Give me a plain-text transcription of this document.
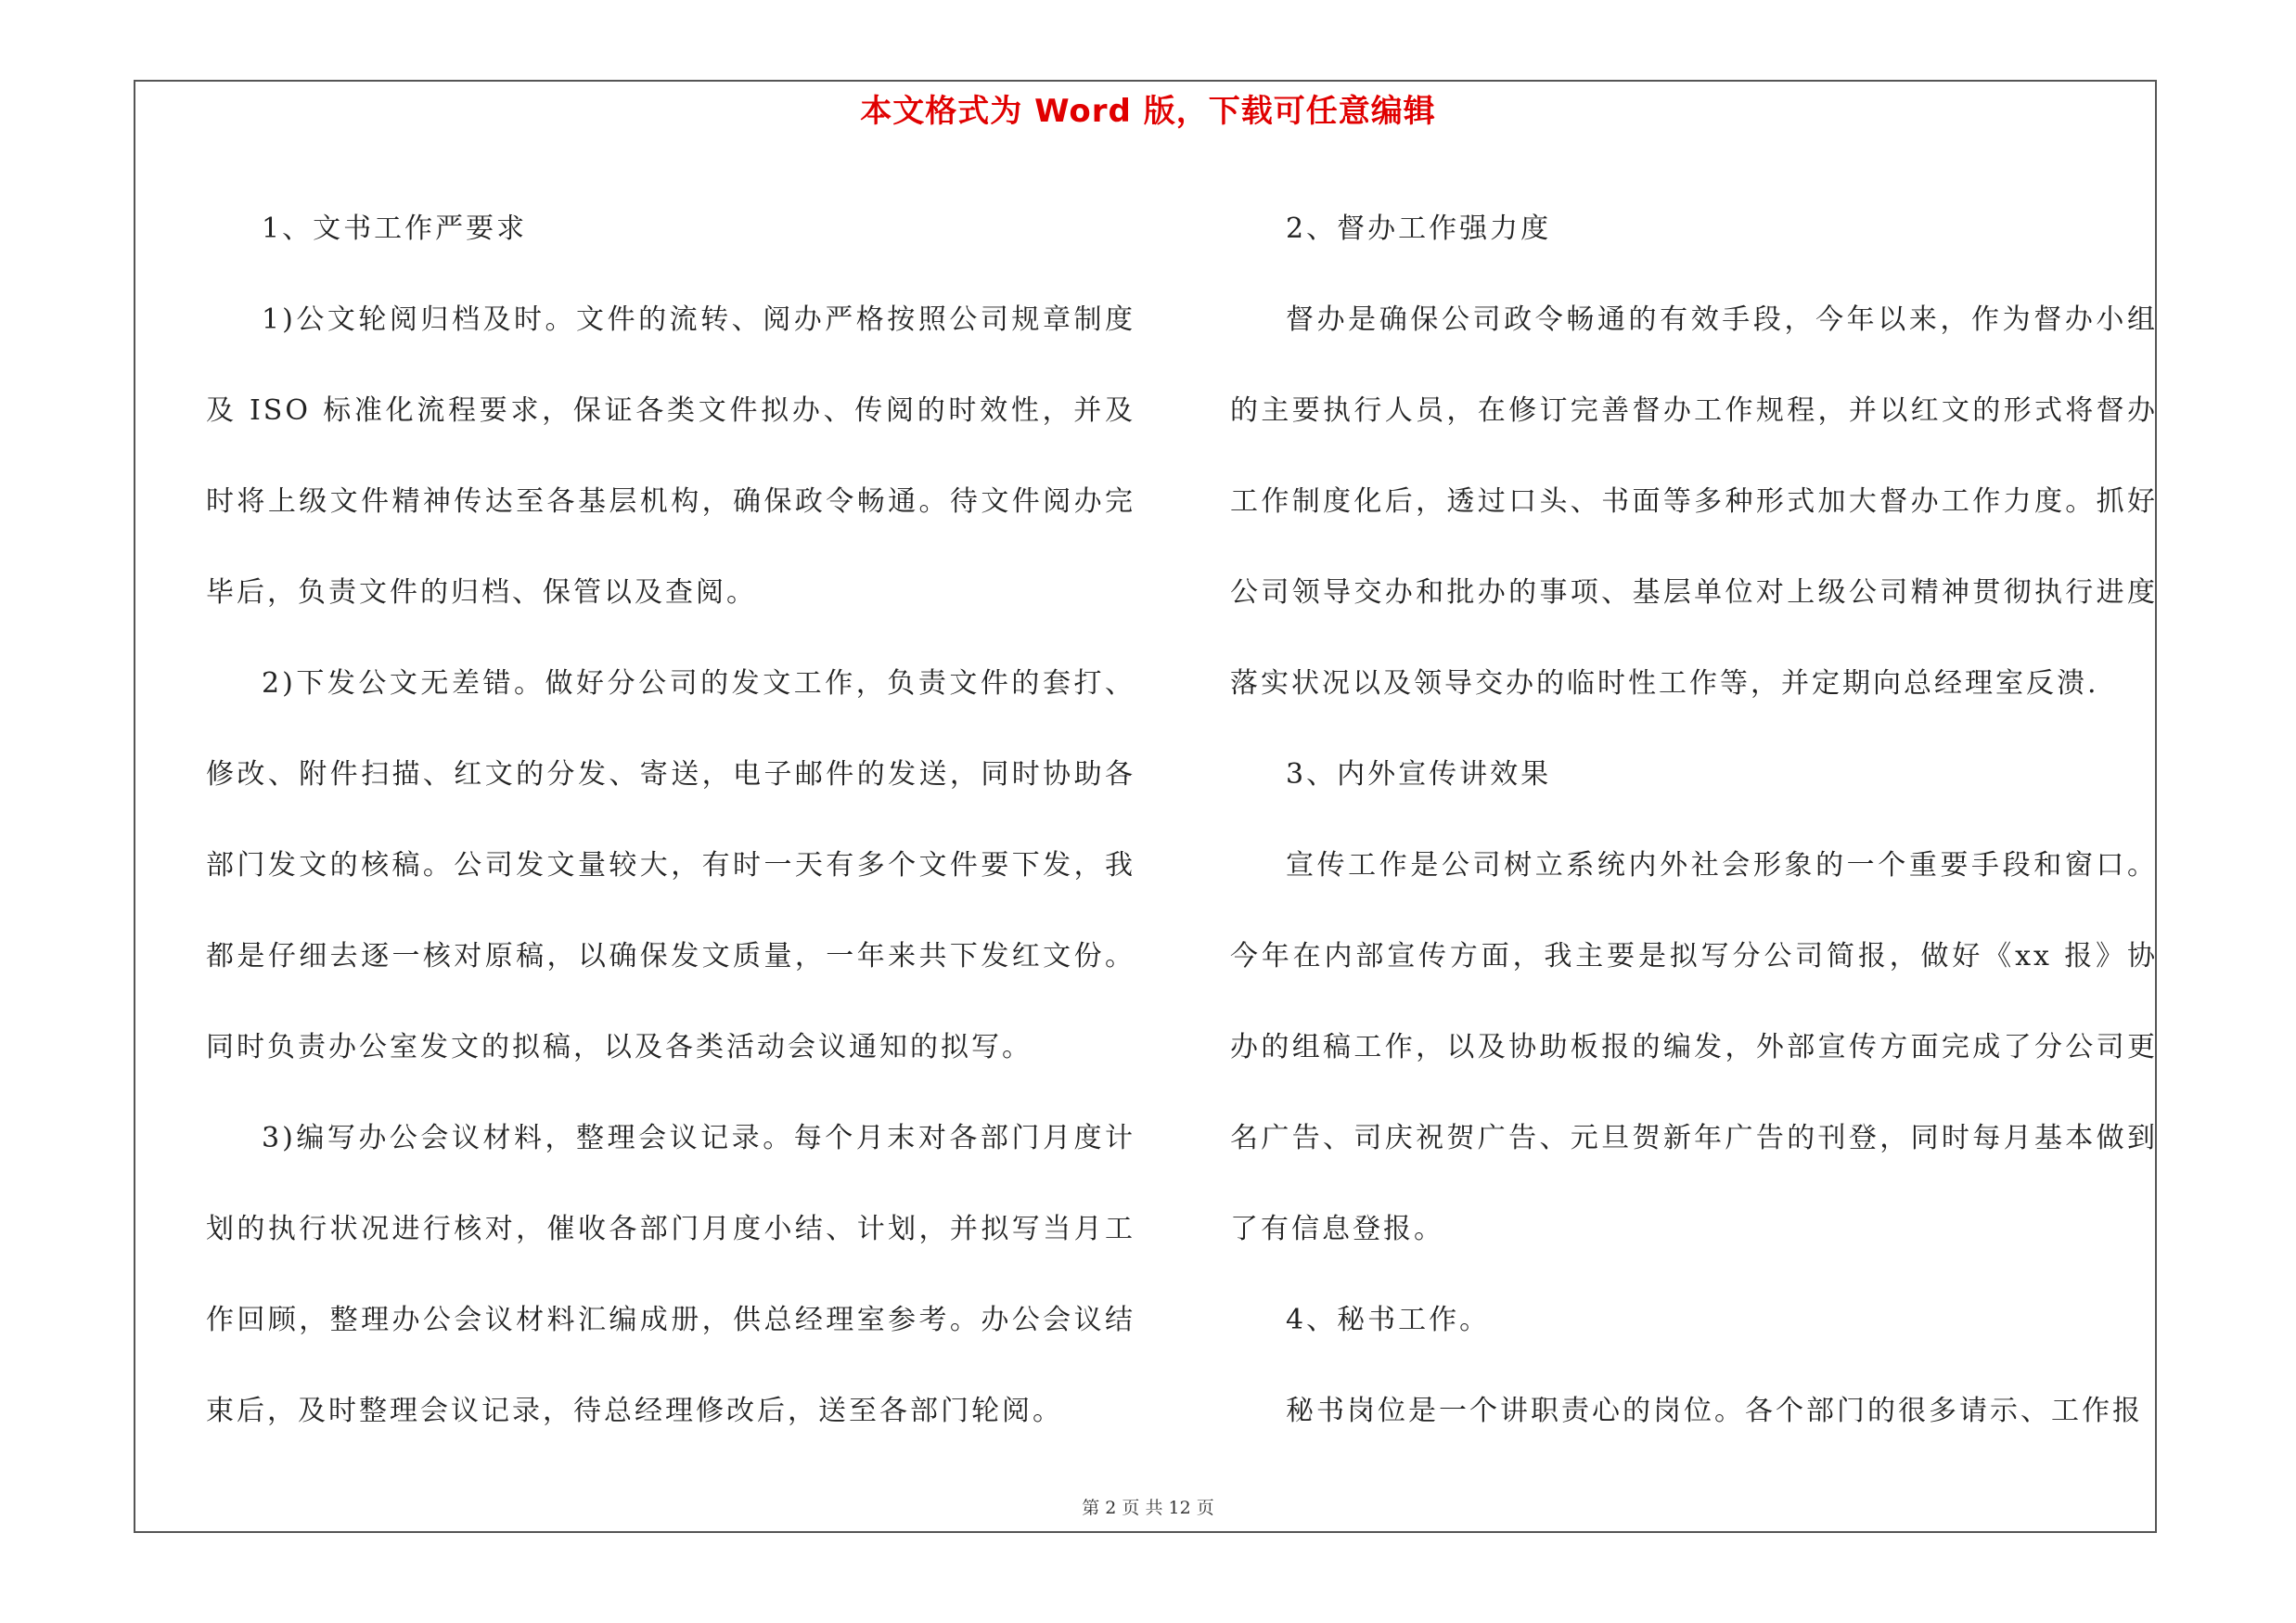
本文格式为 Word 版，下载可任意编辑

1、文书工作严要求

1)公文轮阅归档及时。文件的流转、阅办严格按照公司规章制度及 ISO 标准化流程要求，保证各类文件拟办、传阅的时效性，并及时将上级文件精神传达至各基层机构，确保政令畅通。待文件阅办完毕后，负责文件的归档、保管以及查阅。

2)下发公文无差错。做好分公司的发文工作，负责文件的套打、修改、附件扫描、红文的分发、寄送，电子邮件的发送，同时协助各部门发文的核稿。公司发文量较大，有时一天有多个文件要下发，我都是仔细去逐一核对原稿，以确保发文质量，一年来共下发红文份。同时负责办公室发文的拟稿，以及各类活动会议通知的拟写。

3)编写办公会议材料，整理会议记录。每个月末对各部门月度计划的执行状况进行核对，催收各部门月度小结、计划，并拟写当月工作回顾，整理办公会议材料汇编成册，供总经理室参考。办公会议结束后，及时整理会议记录，待总经理修改后，送至各部门轮阅。

2、督办工作强力度

督办是确保公司政令畅通的有效手段，今年以来，作为督办小组的主要执行人员，在修订完善督办工作规程，并以红文的形式将督办工作制度化后，透过口头、书面等多种形式加大督办工作力度。抓好公司领导交办和批办的事项、基层单位对上级公司精神贯彻执行进度落实状况以及领导交办的临时性工作等，并定期向总经理室反溃.

3、内外宣传讲效果

宣传工作是公司树立系统内外社会形象的一个重要手段和窗口。今年在内部宣传方面，我主要是拟写分公司简报，做好《xx 报》协办的组稿工作，以及协助板报的编发，外部宣传方面完成了分公司更名广告、司庆祝贺广告、元旦贺新年广告的刊登，同时每月基本做到了有信息登报。

4、秘书工作。

秘书岗位是一个讲职责心的岗位。各个部门的很多请示、工作报

第 2 页 共 12 页
